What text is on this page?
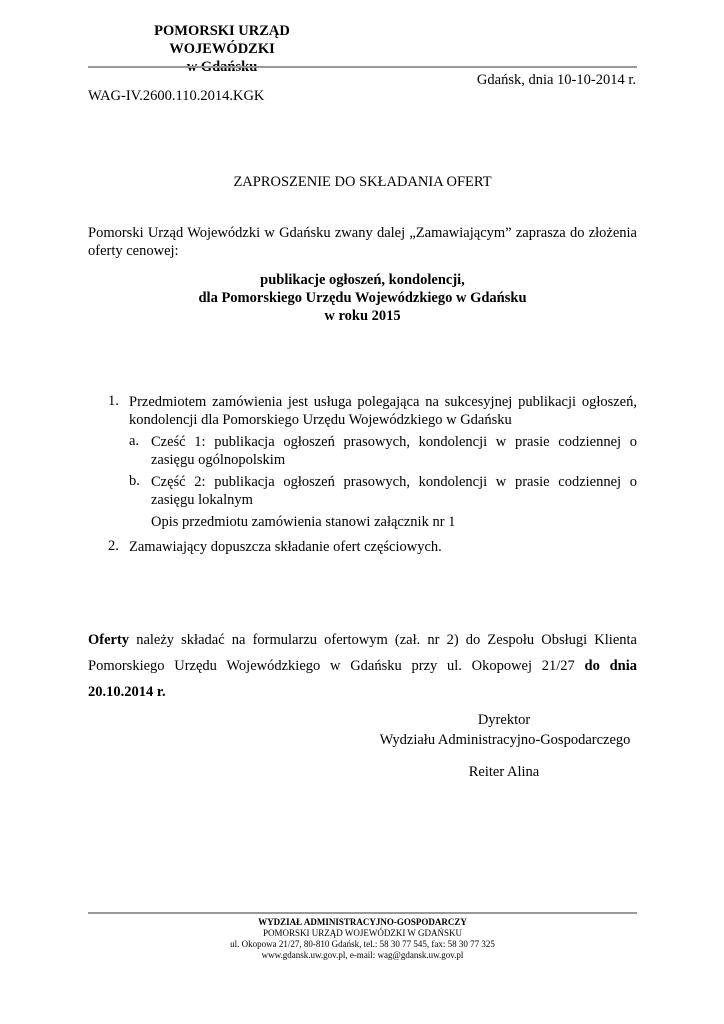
POMORSKI URZĄD WOJEWÓDZKI
w Gdańsku
Gdańsk, dnia 10-10-2014 r.
WAG-IV.2600.110.2014.KGK
ZAPROSZENIE DO SKŁADANIA OFERT
Pomorski Urząd Wojewódzki w Gdańsku zwany dalej „Zamawiającym” zaprasza do złożenia oferty cenowej:
publikacje ogłoszeń, kondolencji,
dla Pomorskiego Urzędu Wojewódzkiego w Gdańsku
w roku 2015
1. Przedmiotem zamówienia jest usługa polegająca na sukcesyjnej publikacji ogłoszeń, kondolencji dla Pomorskiego Urzędu Wojewódzkiego w Gdańsku
a. Cześć 1: publikacja ogłoszeń prasowych, kondolencji w prasie codziennej o zasięgu ogólnopolskim
b. Część 2: publikacja ogłoszeń prasowych, kondolencji w prasie codziennej o zasięgu lokalnym
Opis przedmiotu zamówienia stanowi załącznik nr 1
2. Zamawiający dopuszcza składanie ofert częściowych.
Oferty należy składać na formularzu ofertowym (zał. nr 2) do Zespołu Obsługi Klienta Pomorskiego Urzędu Wojewódzkiego w Gdańsku przy ul. Okopowej 21/27 do dnia 20.10.2014 r.
Dyrektor
Wydziału Administracyjno-Gospodarczego
Reiter Alina
WYDZIAŁ ADMINISTRACYJNO-GOSPODARCZY
POMORSKI URZĄD WOJEWÓDZKI W GDAŃSKU
ul. Okopowa 21/27, 80-810 Gdańsk, tel.: 58 30 77 545, fax: 58 30 77 325
www.gdansk.uw.gov.pl, e-mail: wag@gdansk.uw.gov.pl
